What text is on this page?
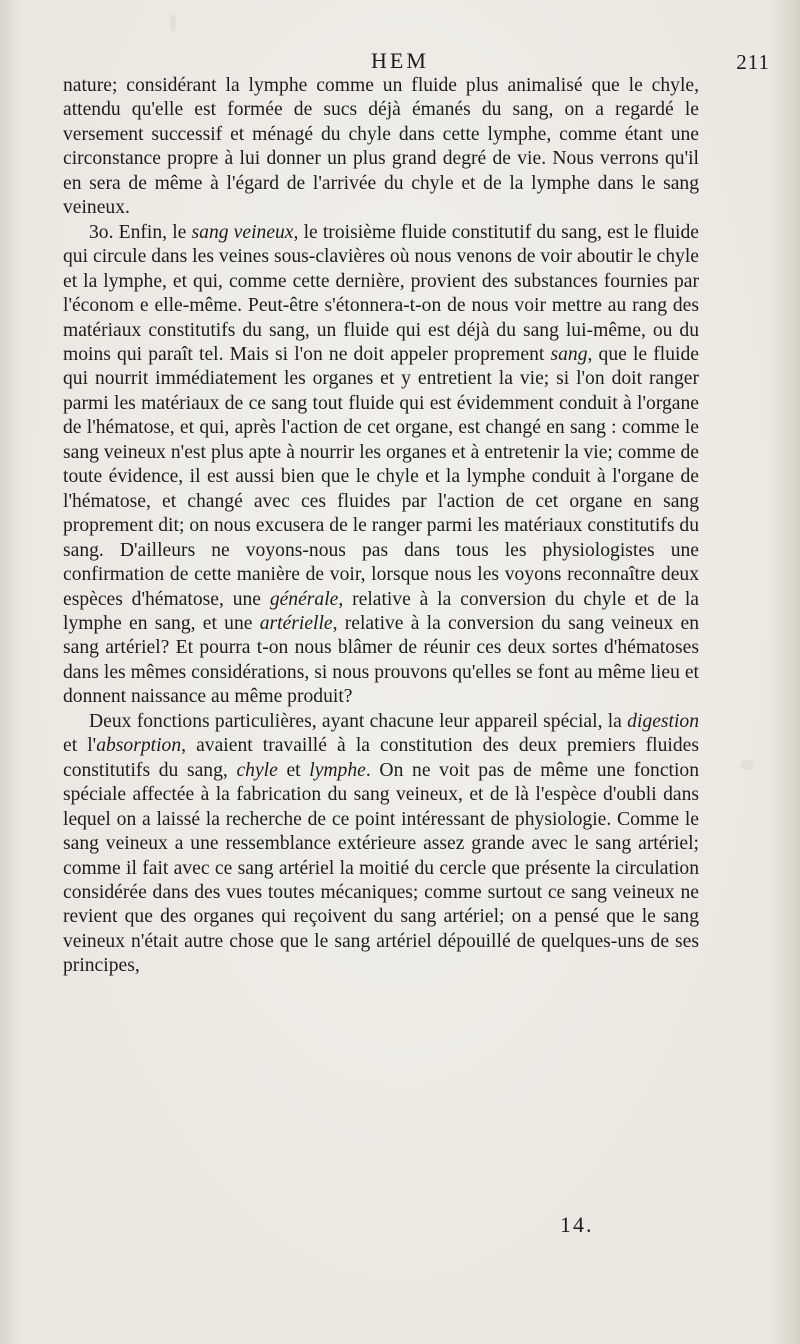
HEM	211

nature; considérant la lymphe comme un fluide plus animalisé que le chyle, attendu qu'elle est formée de sucs déjà émanés du sang, on a regardé le versement successif et ménagé du chyle dans cette lymphe, comme étant une circonstance propre à lui donner un plus grand degré de vie. Nous verrons qu'il en sera de même à l'égard de l'arrivée du chyle et de la lymphe dans le sang veineux.

3o. Enfin, le sang veineux, le troisième fluide constitutif du sang, est le fluide qui circule dans les veines sous-clavières où nous venons de voir aboutir le chyle et la lymphe, et qui, comme cette dernière, provient des substances fournies par l'économ e elle-même. Peut-être s'étonnera-t-on de nous voir mettre au rang des matériaux constitutifs du sang, un fluide qui est déjà du sang lui-même, ou du moins qui paraît tel. Mais si l'on ne doit appeler proprement sang, que le fluide qui nourrit immédiatement les organes et y entretient la vie; si l'on doit ranger parmi les matériaux de ce sang tout fluide qui est évidemment conduit à l'organe de l'hématose, et qui, après l'action de cet organe, est changé en sang : comme le sang veineux n'est plus apte à nourrir les organes et à entretenir la vie; comme de toute évidence, il est aussi bien que le chyle et la lymphe conduit à l'organe de l'hématose, et changé avec ces fluides par l'action de cet organe en sang proprement dit; on nous excusera de le ranger parmi les matériaux constitutifs du sang. D'ailleurs ne voyons-nous pas dans tous les physiologistes une confirmation de cette manière de voir, lorsque nous les voyons reconnaître deux espèces d'hématose, une générale, relative à la conversion du chyle et de la lymphe en sang, et une artérielle, relative à la conversion du sang veineux en sang artériel? Et pourra t-on nous blâmer de réunir ces deux sortes d'hématoses dans les mêmes considérations, si nous prouvons qu'elles se font au même lieu et donnent naissance au même produit?

Deux fonctions particulières, ayant chacune leur appareil spécial, la digestion et l'absorption, avaient travaillé à la constitution des deux premiers fluides constitutifs du sang, chyle et lymphe. On ne voit pas de même une fonction spéciale affectée à la fabrication du sang veineux, et de là l'espèce d'oubli dans lequel on a laissé la recherche de ce point intéressant de physiologie. Comme le sang veineux a une ressemblance extérieure assez grande avec le sang artériel; comme il fait avec ce sang artériel la moitié du cercle que présente la circulation considérée dans des vues toutes mécaniques; comme surtout ce sang veineux ne revient que des organes qui reçoivent du sang artériel; on a pensé que le sang veineux n'était autre chose que le sang artériel dépouillé de quelques-uns de ses principes,

14.
